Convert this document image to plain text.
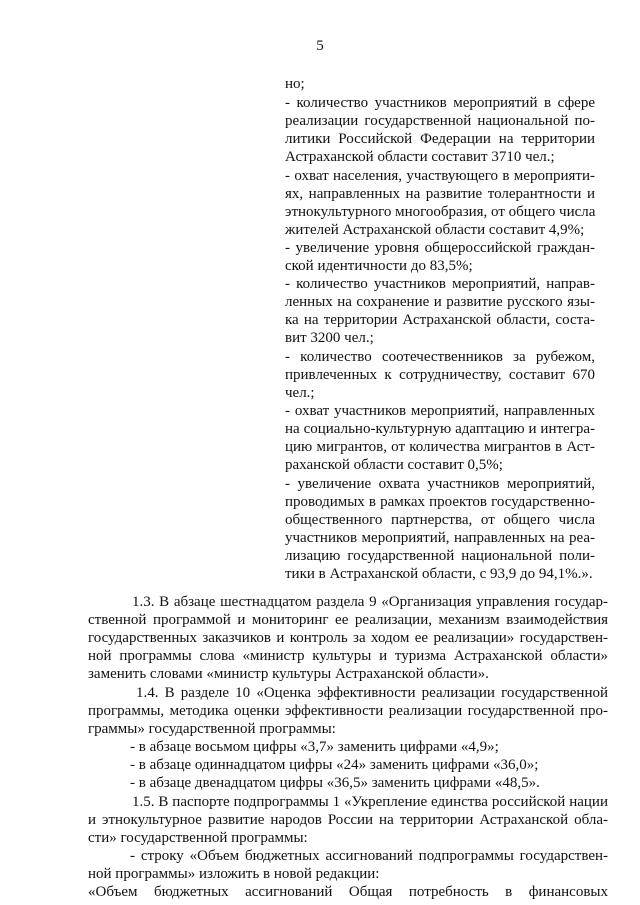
5
но;
- количество участников мероприятий в сфере
реализации государственной национальной по-
литики Российской Федерации на территории
Астраханской области составит 3710 чел.;
- охват населения, участвующего в мероприяти-
ях, направленных на развитие толерантности и
этнокультурного многообразия, от общего числа
жителей Астраханской области составит 4,9%;
- увеличение уровня общероссийской граждан-
ской идентичности до 83,5%;
- количество участников мероприятий, направ-
ленных на сохранение и развитие русского язы-
ка на территории Астраханской области, соста-
вит 3200 чел.;
- количество соотечественников за рубежом,
привлеченных к сотрудничеству, составит 670
чел.;
- охват участников мероприятий, направленных
на социально-культурную адаптацию и интегра-
цию мигрантов, от количества мигрантов в Аст-
раханской области составит 0,5%;
- увеличение охвата участников мероприятий,
проводимых в рамках проектов государственно-
общественного партнерства, от общего числа
участников мероприятий, направленных на реа-
лизацию государственной национальной поли-
тики в Астраханской области, с 93,9 до 94,1%.».
1.3. В абзаце шестнадцатом раздела 9 «Организация управления государ-
ственной программой и мониторинг ее реализации, механизм взаимодействия
государственных заказчиков и контроль за ходом ее реализации» государствен-
ной программы слова «министр культуры и туризма Астраханской области»
заменить словами «министр культуры Астраханской области».
1.4. В разделе 10 «Оценка эффективности реализации государственной
программы, методика оценки эффективности реализации государственной про-
граммы» государственной программы:
- в абзаце восьмом цифры «3,7» заменить цифрами «4,9»;
- в абзаце одиннадцатом цифры «24» заменить цифрами «36,0»;
- в абзаце двенадцатом цифры «36,5» заменить цифрами «48,5».
1.5. В паспорте подпрограммы 1 «Укрепление единства российской нации
и этнокультурное развитие народов России на территории Астраханской обла-
сти» государственной программы:
- строку «Объем бюджетных ассигнований подпрограммы государствен-
ной программы» изложить в новой редакции:
«Объем бюджетных ассигнований Общая потребность в финансовых
